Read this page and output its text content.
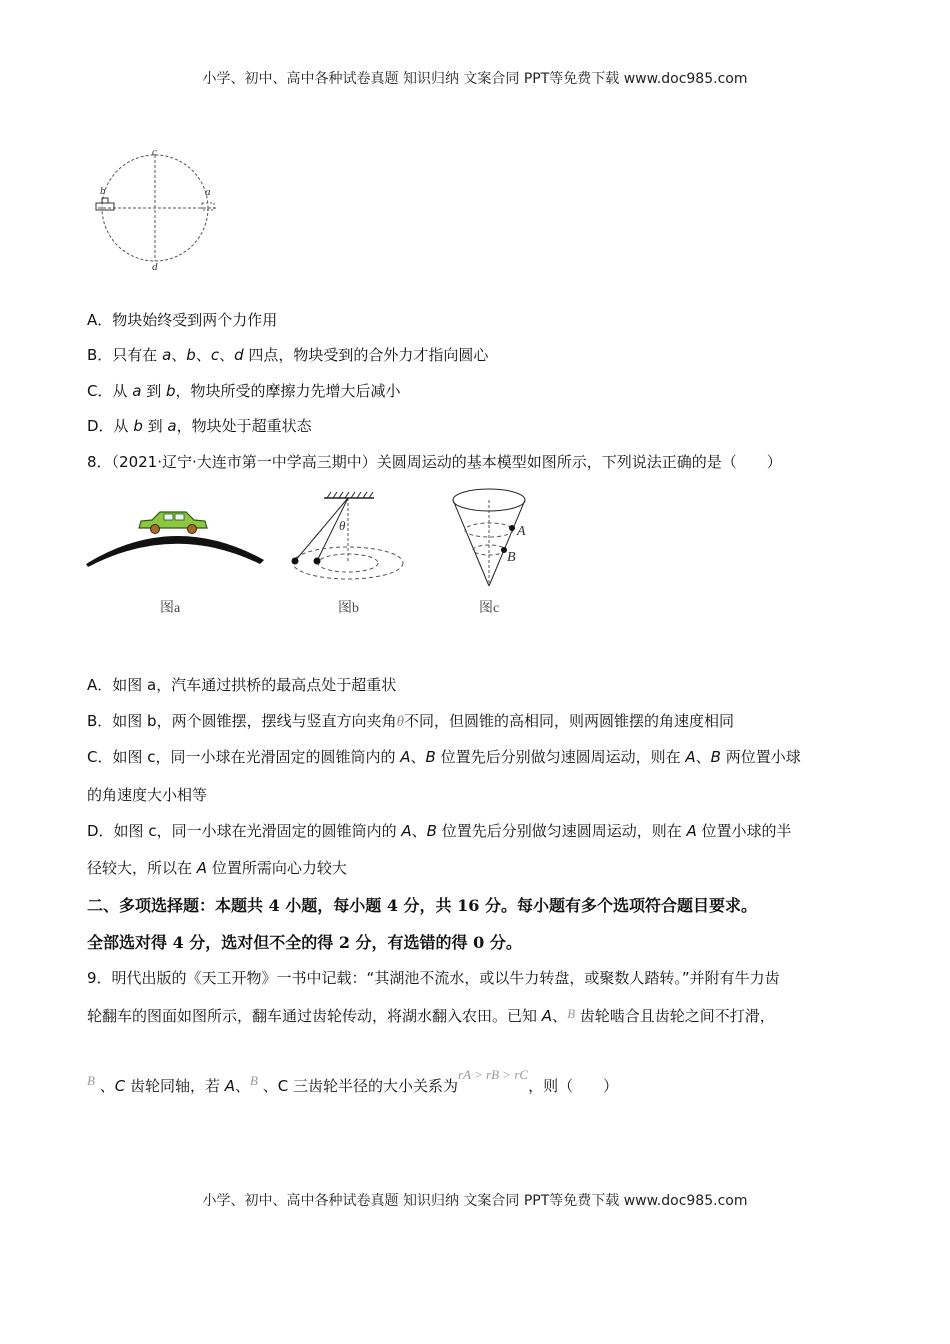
小学、初中、高中各种试卷真题 知识归纳 文案合同 PPT等免费下载 www.doc985.com
c
d
b	a
A．物块始终受到两个力作用
B．只有在 a、b、c、d 四点，物块受到的合外力才指向圆心
C．从 a 到 b，物块所受的摩擦力先增大后减小
D．从 b 到 a，物块处于超重状态
8．（2021·辽宁·大连市第一中学高三期中）关圆周运动的基本模型如图所示，下列说法正确的是（　　）
图a
θ
图b
A
B
图c
A．如图 a，汽车通过拱桥的最高点处于超重状
B．如图 b，两个圆锥摆，摆线与竖直方向夹角θ不同，但圆锥的高相同，则两圆锥摆的角速度相同
C．如图 c，同一小球在光滑固定的圆锥筒内的 A、B 位置先后分别做匀速圆周运动，则在 A、B 两位置小球
的角速度大小相等
D．如图 c，同一小球在光滑固定的圆锥筒内的 A、B 位置先后分别做匀速圆周运动，则在 A 位置小球的半
径较大，所以在 A 位置所需向心力较大
二、多项选择题：本题共 4 小题，每小题 4 分，共 16 分。每小题有多个选项符合题目要求。
全部选对得 4 分，选对但不全的得 2 分，有选错的得 0 分。
9．明代出版的《天工开物》一书中记载：“其湖池不流水，或以牛力转盘，或聚数人踏转。”并附有牛力齿
轮翻车的图面如图所示，翻车通过齿轮传动，将湖水翻入农田。已知 A、B 齿轮啮合且齿轮之间不打滑，
B 、C 齿轮同轴，若 A、B 、C 三齿轮半径的大小关系为rA > rB > rC，则（　　）
小学、初中、高中各种试卷真题 知识归纳 文案合同 PPT等免费下载 www.doc985.com
